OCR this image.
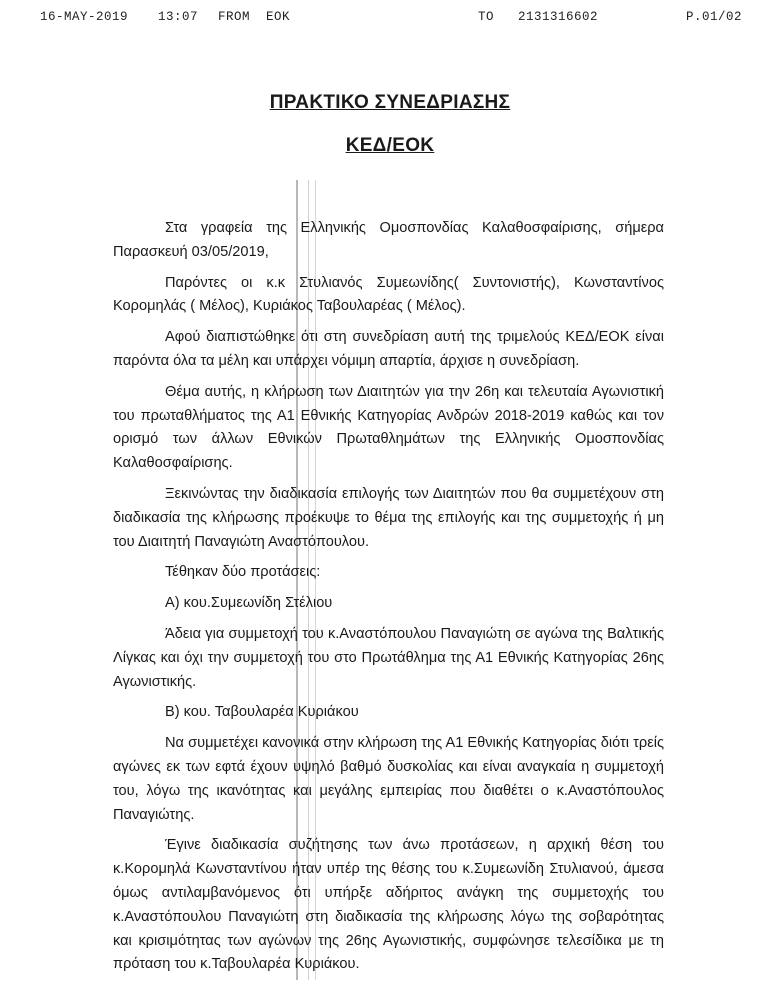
16-MAY-2019 13:07 FROM  EOK	TO   2131316602	P.01/02
ΠΡΑΚΤΙΚΟ ΣΥΝΕΔΡΙΑΣΗΣ
ΚΕΔ/ΕΟΚ

Στα γραφεία της Ελληνικής Ομοσπονδίας Καλαθοσφαίρισης, σήμερα Παρασκευή 03/05/2019,

Παρόντες οι κ.κ Στυλιανός Συμεωνίδης( Συντονιστής), Κωνσταντίνος Κορομηλάς ( Μέλος), Κυριάκος Ταβουλαρέας ( Μέλος).

Αφού διαπιστώθηκε ότι στη συνεδρίαση αυτή της τριμελούς ΚΕΔ/ΕΟΚ είναι παρόντα όλα τα μέλη και υπάρχει νόμιμη απαρτία, άρχισε η συνεδρίαση.

Θέμα αυτής, η κλήρωση των Διαιτητών για την 26η και τελευταία Αγωνιστική του πρωταθλήματος της Α1 Εθνικής Κατηγορίας Ανδρών 2018-2019 καθώς και τον ορισμό των άλλων Εθνικών Πρωταθλημάτων της Ελληνικής Ομοσπονδίας Καλαθοσφαίρισης.

Ξεκινώντας την διαδικασία επιλογής των Διαιτητών που θα συμμετέχουν στη διαδικασία της κλήρωσης προέκυψε το θέμα της επιλογής και της συμμετοχής ή μη του Διαιτητή Παναγιώτη Αναστόπουλου.

Τέθηκαν δύο προτάσεις:

Α) κου.Συμεωνίδη Στέλιου

Άδεια για συμμετοχή του κ.Αναστόπουλου Παναγιώτη σε αγώνα της Βαλτικής Λίγκας και όχι την συμμετοχή του στο Πρωτάθλημα της Α1 Εθνικής Κατηγορίας 26ης Αγωνιστικής.

Β) κου. Ταβουλαρέα Κυριάκου

Να συμμετέχει κανονικά στην κλήρωση της Α1 Εθνικής Κατηγορίας διότι τρείς αγώνες εκ των εφτά έχουν υψηλό βαθμό δυσκολίας και είναι αναγκαία η συμμετοχή του, λόγω της ικανότητας και μεγάλης εμπειρίας που διαθέτει ο κ.Αναστόπουλος Παναγιώτης.

Έγινε διαδικασία συζήτησης των άνω προτάσεων, η αρχική θέση του κ.Κορομηλά Κωνσταντίνου ήταν υπέρ της θέσης του κ.Συμεωνίδη Στυλιανού, άμεσα όμως αντιλαμβανόμενος ότι υπήρξε αδήριτος ανάγκη της συμμετοχής του κ.Αναστόπουλου Παναγιώτη στη διαδικασία της κλήρωσης λόγω της σοβαρότητας και κρισιμότητας των αγώνων της 26ης Αγωνιστικής, συμφώνησε τελεσίδικα με τη πρόταση του κ.Ταβουλαρέα Κυριάκου.
